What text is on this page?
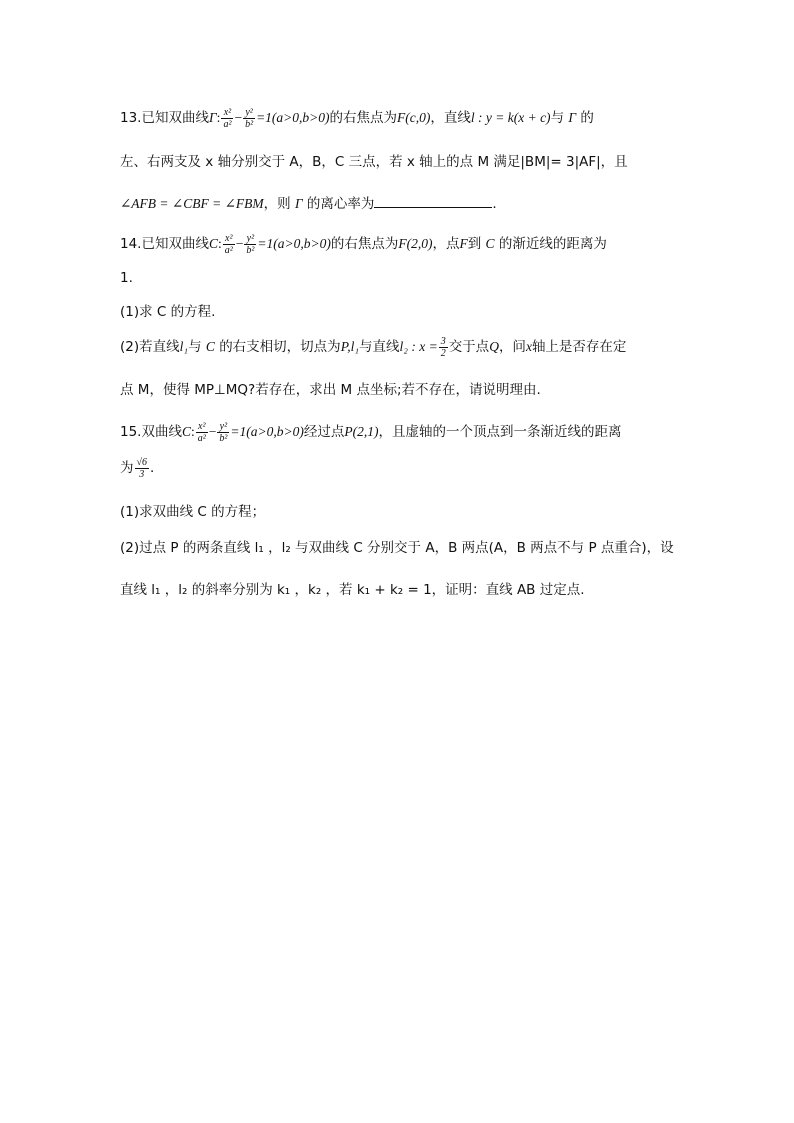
13.已知双曲线Γ: $\frac{\text{x²}}{\text{a²}} - \frac{\text{y²}}{\text{b²}} =1(a>0,b>0)$的右焦点为F(c,0)，直线l : y = k(x + c)与 Γ 的
左、右两支及 x 轴分别交于 A，B，C 三点，若 x 轴上的点 M 满足|BM|= 3|AF|，且
∠AFB = ∠CBF = ∠FBM，则 Γ 的离心率为	.
14.已知双曲线C: $\frac{\text{x²}}{\text{a²}} - \frac{\text{y²}}{\text{b²}} =1(a>0,b>0)$的右焦点为F(2,0)，点F到 C 的渐近线的距离为
1.
(1)求 C 的方程.
(2)若直线l₁与 C 的右支相切，切点为P,l₁与直线l₂ : $x = \frac{3}{2}$ 交于点Q，问x轴上是否存在定
点 M，使得 MP⊥MQ?若存在，求出 M 点坐标;若不存在，请说明理由.
15.双曲线C: $\frac{\text{x²}}{\text{a²}} - \frac{\text{y²}}{\text{b²}} =1(a>0,b>0)$经过点P(2,1)，且虚轴的一个顶点到一条渐近线的距离
为 $\frac{√6}{3}$ .
(1)求双曲线 C 的方程；
(2)过点 P 的两条直线 l₁ ，l₂ 与双曲线 C 分别交于 A，B 两点(A，B 两点不与 P 点重合)，设
直线 l₁ ，l₂ 的斜率分别为 k₁ ，k₂ ，若 k₁ + k₂ = 1，证明：直线 AB 过定点.
